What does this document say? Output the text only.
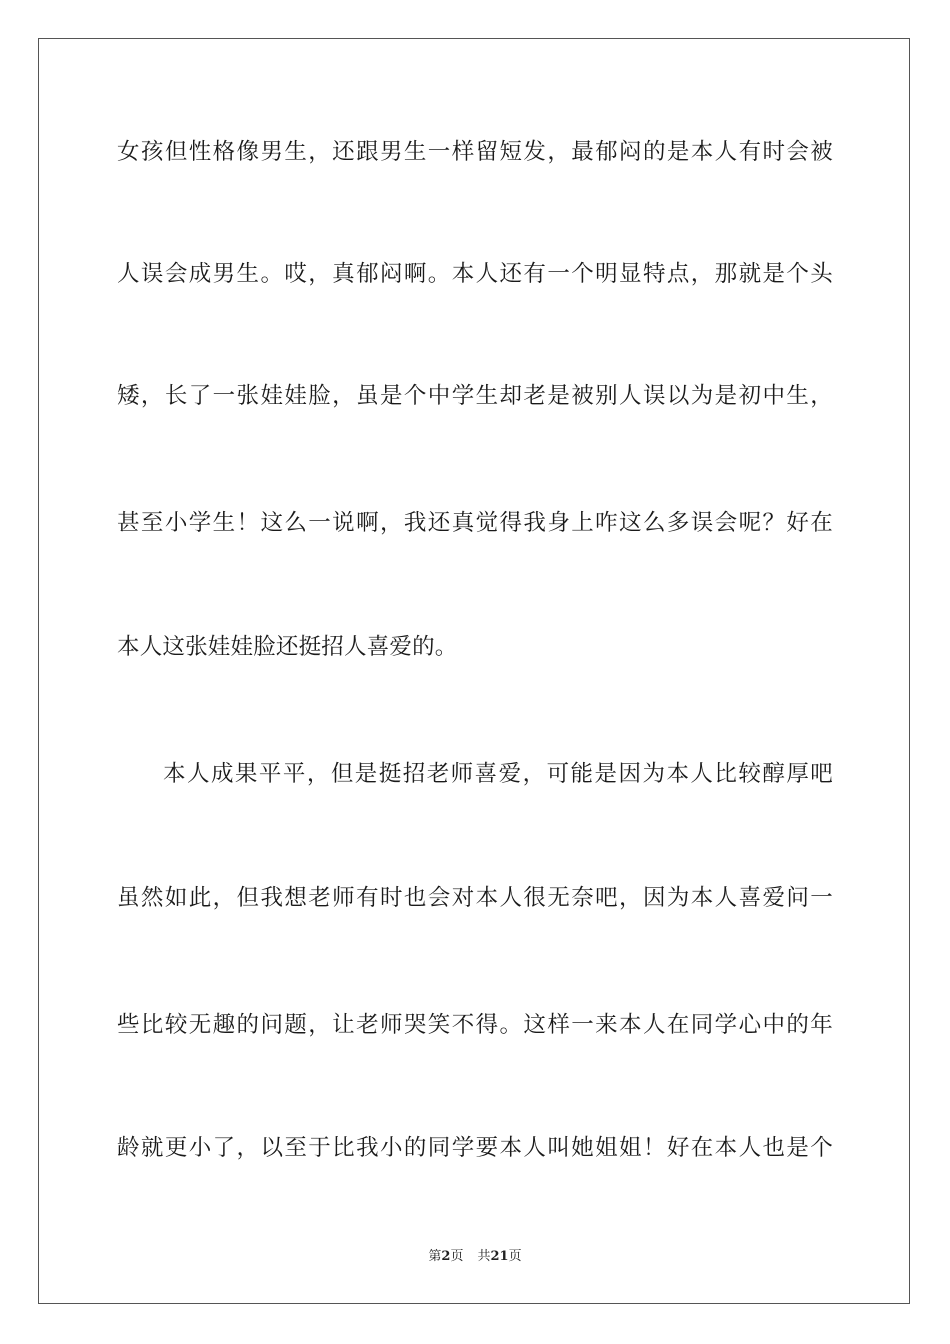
女孩但性格像男生，还跟男生一样留短发，最郁闷的是本人有时会被
人误会成男生。哎，真郁闷啊。本人还有一个明显特点，那就是个头
矮，长了一张娃娃脸，虽是个中学生却老是被别人误以为是初中生，
甚至小学生！这么一说啊，我还真觉得我身上咋这么多误会呢？好在
本人这张娃娃脸还挺招人喜爱的。
本人成果平平，但是挺招老师喜爱，可能是因为本人比较醇厚吧
虽然如此，但我想老师有时也会对本人很无奈吧，因为本人喜爱问一
些比较无趣的问题，让老师哭笑不得。这样一来本人在同学心中的年
龄就更小了，以至于比我小的同学要本人叫她姐姐！好在本人也是个
第2页 共21页
